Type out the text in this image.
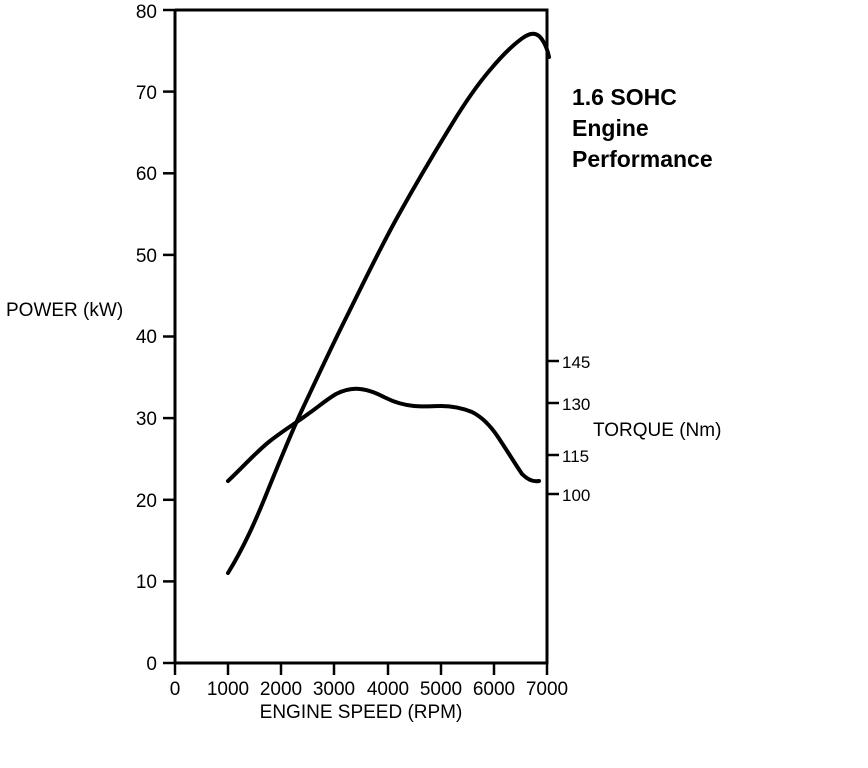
0
10
20
30
40
50
60
70
80
0 1000 2000 3000 4000 5000 6000 7000
145
130
115
100
POWER (kW)
TORQUE (Nm)
ENGINE SPEED (RPM)
1.6 SOHC
Engine
Performance
